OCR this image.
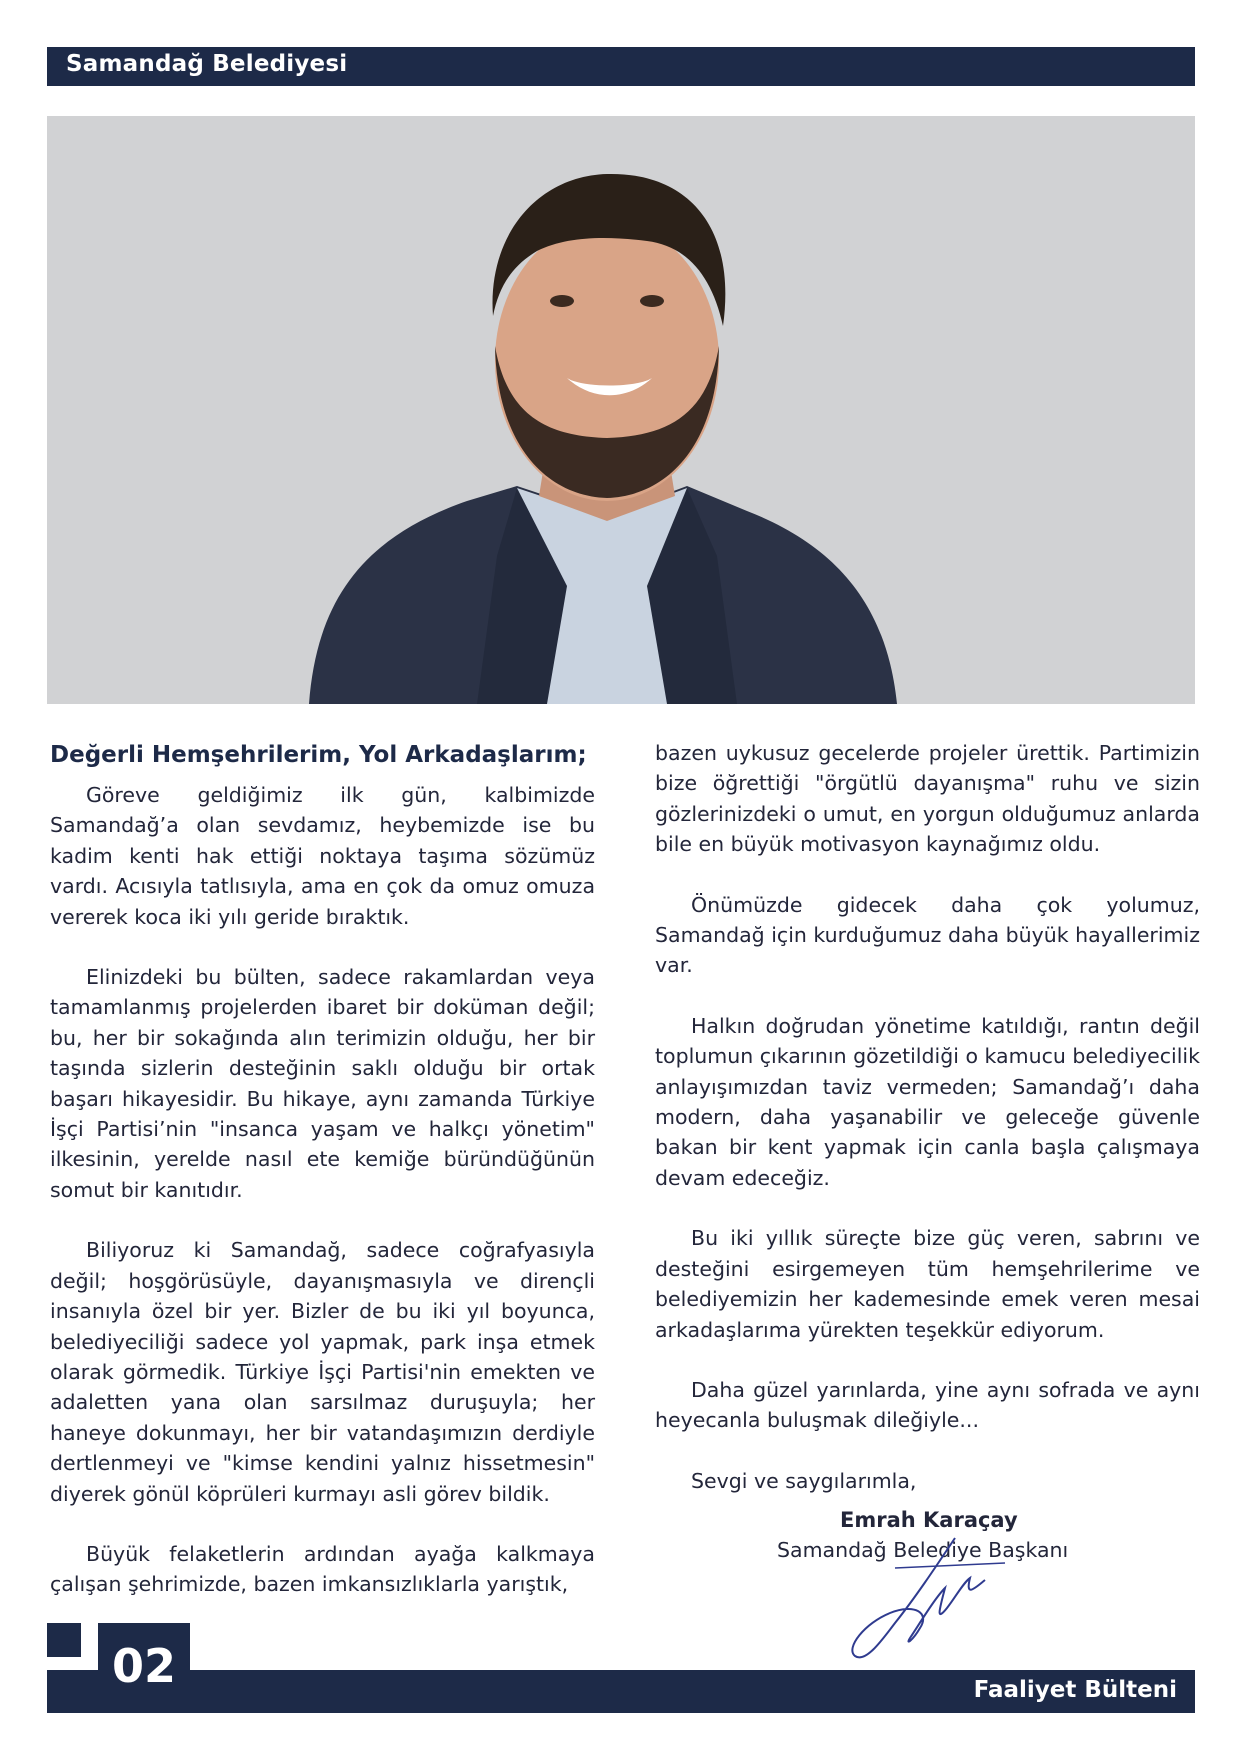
Samandağ Belediyesi
Değerli Hemşehrilerim, Yol Arkadaşlarım;

Göreve geldiğimiz ilk gün, kalbimizde Samandağ’a olan sevdamız, heybemizde ise bu kadim kenti hak ettiği noktaya taşıma sözümüz vardı. Acısıyla tatlısıyla, ama en çok da omuz omuza vererek koca iki yılı geride bıraktık.

Elinizdeki bu bülten, sadece rakamlardan veya tamamlanmış projelerden ibaret bir doküman değil; bu, her bir sokağında alın terimizin olduğu, her bir taşında sizlerin desteğinin saklı olduğu bir ortak başarı hikayesidir. Bu hikaye, aynı zamanda Türkiye İşçi Partisi’nin "insanca yaşam ve halkçı yönetim" ilkesinin, yerelde nasıl ete kemiğe büründüğünün somut bir kanıtıdır.

Biliyoruz ki Samandağ, sadece coğrafyasıyla değil; hoşgörüsüyle, dayanışmasıyla ve dirençli insanıyla özel bir yer. Bizler de bu iki yıl boyunca, belediyeciliği sadece yol yapmak, park inşa etmek olarak görmedik. Türkiye İşçi Partisi'nin emekten ve adaletten yana olan sarsılmaz duruşuyla; her haneye dokunmayı, her bir vatandaşımızın derdiyle dertlenmeyi ve "kimse kendini yalnız hissetmesin" diyerek gönül köprüleri kurmayı asli görev bildik.

Büyük felaketlerin ardından ayağa kalkmaya çalışan şehrimizde, bazen imkansızlıklarla yarıştık,

bazen uykusuz gecelerde projeler ürettik. Partimizin bize öğrettiği "örgütlü dayanışma" ruhu ve sizin gözlerinizdeki o umut, en yorgun olduğumuz anlarda bile en büyük motivasyon kaynağımız oldu.

Önümüzde gidecek daha çok yolumuz, Samandağ için kurduğumuz daha büyük hayallerimiz var.

Halkın doğrudan yönetime katıldığı, rantın değil toplumun çıkarının gözetildiği o kamucu belediyecilik anlayışımızdan taviz vermeden; Samandağ’ı daha modern, daha yaşanabilir ve geleceğe güvenle bakan bir kent yapmak için canla başla çalışmaya devam edeceğiz.

Bu iki yıllık süreçte bize güç veren, sabrını ve desteğini esirgemeyen tüm hemşehrilerime ve belediyemizin her kademesinde emek veren mesai arkadaşlarıma yürekten teşekkür ediyorum.

Daha güzel yarınlarda, yine aynı sofrada ve aynı heyecanla buluşmak dileğiyle...

Sevgi ve saygılarımla,
Emrah Karaçay
Samandağ Belediye Başkanı
Faaliyet Bülteni
02
